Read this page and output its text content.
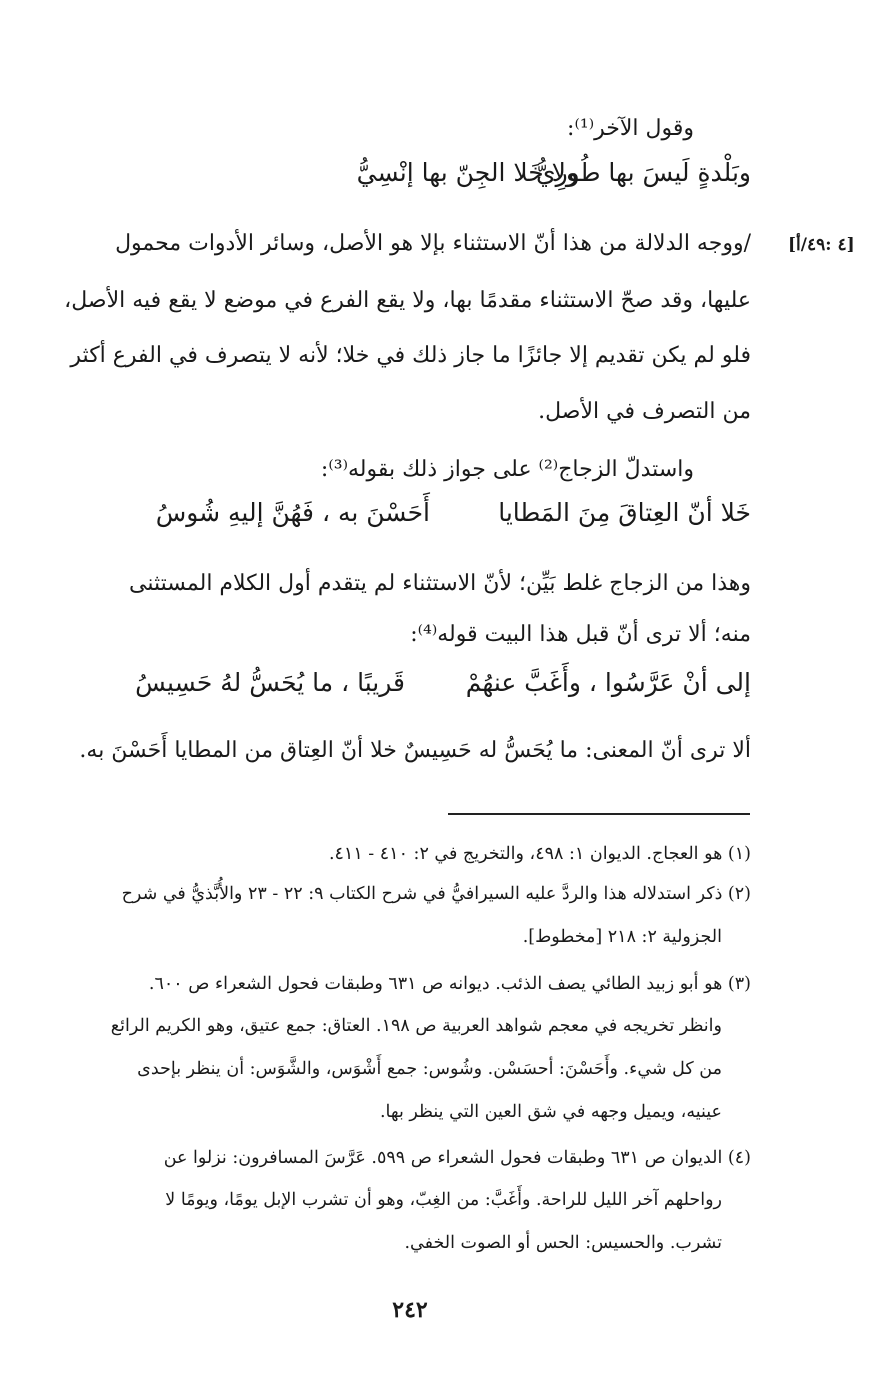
[٤ :٤٩/أ]
وقول الآخر⁽¹⁾:
وبَلْدةٍ لَيسَ بها طُورِيُّ
ولا خَلا الجِنّ بها إنْسِيُّ
/ووجه الدلالة من هذا أنّ الاستثناء بإلا هو الأصل، وسائر الأدوات محمول
عليها، وقد صحّ الاستثناء مقدمًا بها، ولا يقع الفرع في موضع لا يقع فيه الأصل،
فلو لم يكن تقديم إلا جائزًا ما جاز ذلك في خلا؛ لأنه لا يتصرف في الفرع أكثر
من التصرف في الأصل.
واستدلّ الزجاج⁽²⁾ على جواز ذلك بقوله⁽³⁾:
خَلا أنّ العِتاقَ مِنَ المَطايا
أَحَسْنَ به ، فَهُنَّ إليهِ شُوسُ
وهذا من الزجاج غلط بَيِّن؛ لأنّ الاستثناء لم يتقدم أول الكلام المستثنى
منه؛ ألا ترى أنّ قبل هذا البيت قوله⁽⁴⁾:
إلى أنْ عَرَّسُوا ، وأَغَبَّ عنهُمْ
قَريبًا ، ما يُحَسُّ لهُ حَسِيسُ
ألا ترى أنّ المعنى: ما يُحَسُّ له حَسِيسٌ خلا أنّ العِتاق من المطايا أَحَسْنَ به.
(١) هو العجاج. الديوان ١: ٤٩٨، والتخريج في ٢: ٤١٠ - ٤١١.
(٢) ذكر استدلاله هذا والردَّ عليه السيرافيُّ في شرح الكتاب ٩: ٢٢ - ٢٣ والأُبَّذيُّ في شرح
الجزولية ٢: ٢١٨ [مخطوط].
(٣) هو أبو زبيد الطائي يصف الذئب. ديوانه ص ٦٣١ وطبقات فحول الشعراء ص ٦٠٠.
وانظر تخريجه في معجم شواهد العربية ص ١٩٨. العتاق: جمع عتيق، وهو الكريم الرائع
من كل شيء. وأَحَسْنَ: أحسَسْن. وشُوس: جمع أَشْوَس، والشَّوَس: أن ينظر بإحدى
عينيه، ويميل وجهه في شق العين التي ينظر بها.
(٤) الديوان ص ٦٣١ وطبقات فحول الشعراء ص ٥٩٩. عَرَّسَ المسافرون: نزلوا عن
رواحلهم آخر الليل للراحة. وأَغَبَّ: من الغِبّ، وهو أن تشرب الإبل يومًا، ويومًا لا
تشرب. والحسيس: الحس أو الصوت الخفي.
٢٤٢
